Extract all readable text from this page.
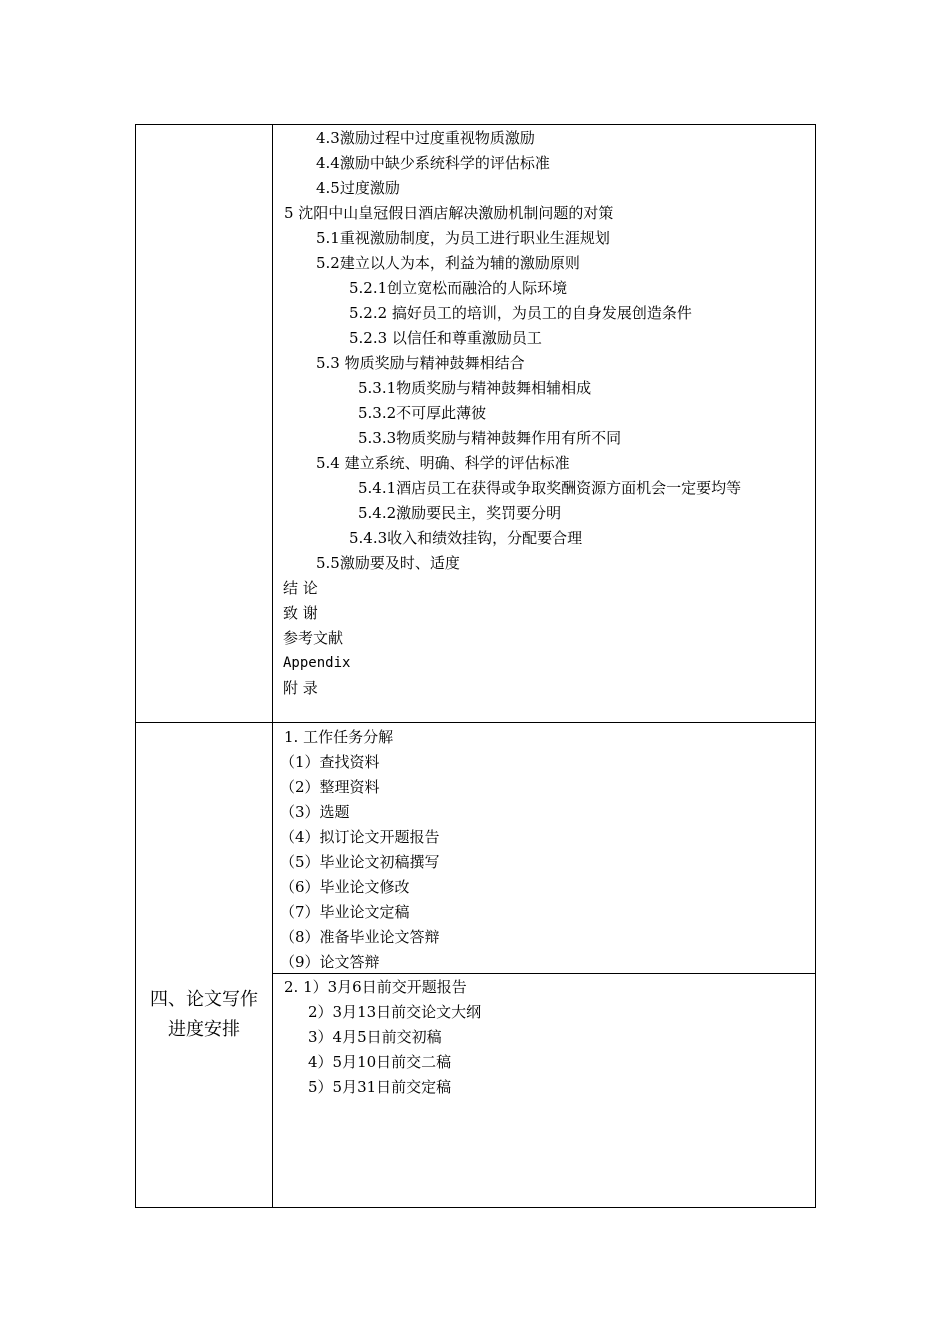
4.3激励过程中过度重视物质激励
4.4激励中缺少系统科学的评估标准
4.5过度激励
5 沈阳中山皇冠假日酒店解决激励机制问题的对策
5.1重视激励制度，为员工进行职业生涯规划
5.2建立以人为本，利益为辅的激励原则
5.2.1创立宽松而融洽的人际环境
5.2.2 搞好员工的培训，为员工的自身发展创造条件
5.2.3 以信任和尊重激励员工
5.3 物质奖励与精神鼓舞相结合
5.3.1物质奖励与精神鼓舞相辅相成
5.3.2不可厚此薄彼
5.3.3物质奖励与精神鼓舞作用有所不同
5.4 建立系统、明确、科学的评估标准
5.4.1酒店员工在获得或争取奖酬资源方面机会一定要均等
5.4.2激励要民主，奖罚要分明
5.4.3收入和绩效挂钩，分配要合理
5.5激励要及时、适度
结 论
致 谢
参考文献
Appendix
附 录
四、论文写作
进度安排
1. 工作任务分解
（1）查找资料
（2）整理资料
（3）选题
（4）拟订论文开题报告
（5）毕业论文初稿撰写
（6）毕业论文修改
（7）毕业论文定稿
（8）准备毕业论文答辩
（9）论文答辩
2. 1）3月6日前交开题报告
2）3月13日前交论文大纲
3）4月5日前交初稿
4）5月10日前交二稿
5）5月31日前交定稿
